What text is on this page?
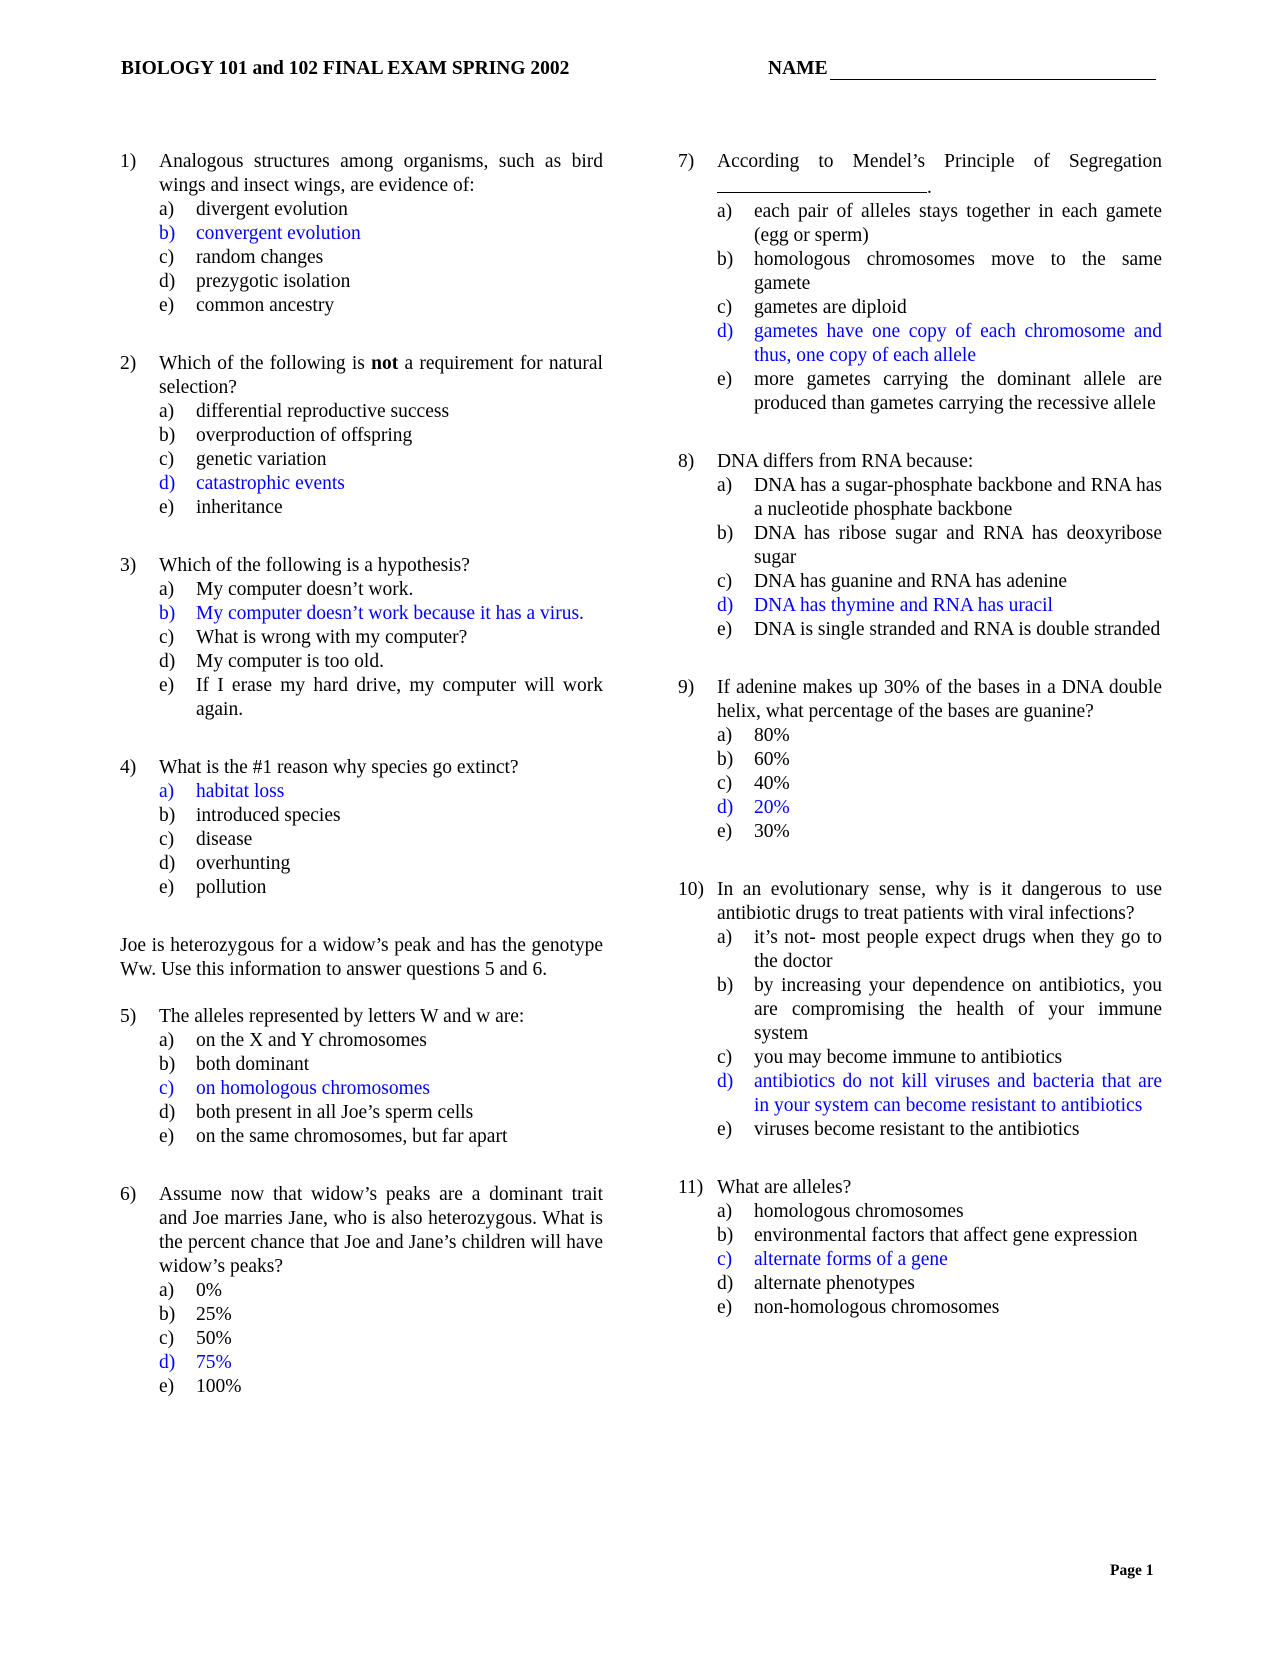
BIOLOGY 101 and 102 FINAL EXAM SPRING 2002	NAME
1) Analogous structures among organisms, such as bird wings and insect wings, are evidence of:
a) divergent evolution
b) convergent evolution
c) random changes
d) prezygotic isolation
e) common ancestry
2) Which of the following is not a requirement for natural selection?
a) differential reproductive success
b) overproduction of offspring
c) genetic variation
d) catastrophic events
e) inheritance
3) Which of the following is a hypothesis?
a) My computer doesn’t work.
b) My computer doesn’t work because it has a virus.
c) What is wrong with my computer?
d) My computer is too old.
e) If I erase my hard drive, my computer will work again.
4) What is the #1 reason why species go extinct?
a) habitat loss
b) introduced species
c) disease
d) overhunting
e) pollution
Joe is heterozygous for a widow’s peak and has the genotype Ww. Use this information to answer questions 5 and 6.
5) The alleles represented by letters W and w are:
a) on the X and Y chromosomes
b) both dominant
c) on homologous chromosomes
d) both present in all Joe’s sperm cells
e) on the same chromosomes, but far apart
6) Assume now that widow’s peaks are a dominant trait and Joe marries Jane, who is also heterozygous. What is the percent chance that Joe and Jane’s children will have widow’s peaks?
a) 0%
b) 25%
c) 50%
d) 75%
e) 100%
7) According to Mendel’s Principle of Segregation.
a) each pair of alleles stays together in each gamete (egg or sperm)
b) homologous chromosomes move to the same gamete
c) gametes are diploid
d) gametes have one copy of each chromosome and thus, one copy of each allele
e) more gametes carrying the dominant allele are produced than gametes carrying the recessive allele
8) DNA differs from RNA because:
a) DNA has a sugar-phosphate backbone and RNA has a nucleotide phosphate backbone
b) DNA has ribose sugar and RNA has deoxyribose sugar
c) DNA has guanine and RNA has adenine
d) DNA has thymine and RNA has uracil
e) DNA is single stranded and RNA is double stranded
9) If adenine makes up 30% of the bases in a DNA double helix, what percentage of the bases are guanine?
a) 80%
b) 60%
c) 40%
d) 20%
e) 30%
10) In an evolutionary sense, why is it dangerous to use antibiotic drugs to treat patients with viral infections?
a) it’s not- most people expect drugs when they go to the doctor
b) by increasing your dependence on antibiotics, you are compromising the health of your immune system
c) you may become immune to antibiotics
d) antibiotics do not kill viruses and bacteria that are in your system can become resistant to antibiotics
e) viruses become resistant to the antibiotics
11) What are alleles?
a) homologous chromosomes
b) environmental factors that affect gene expression
c) alternate forms of a gene
d) alternate phenotypes
e) non-homologous chromosomes
Page 1
